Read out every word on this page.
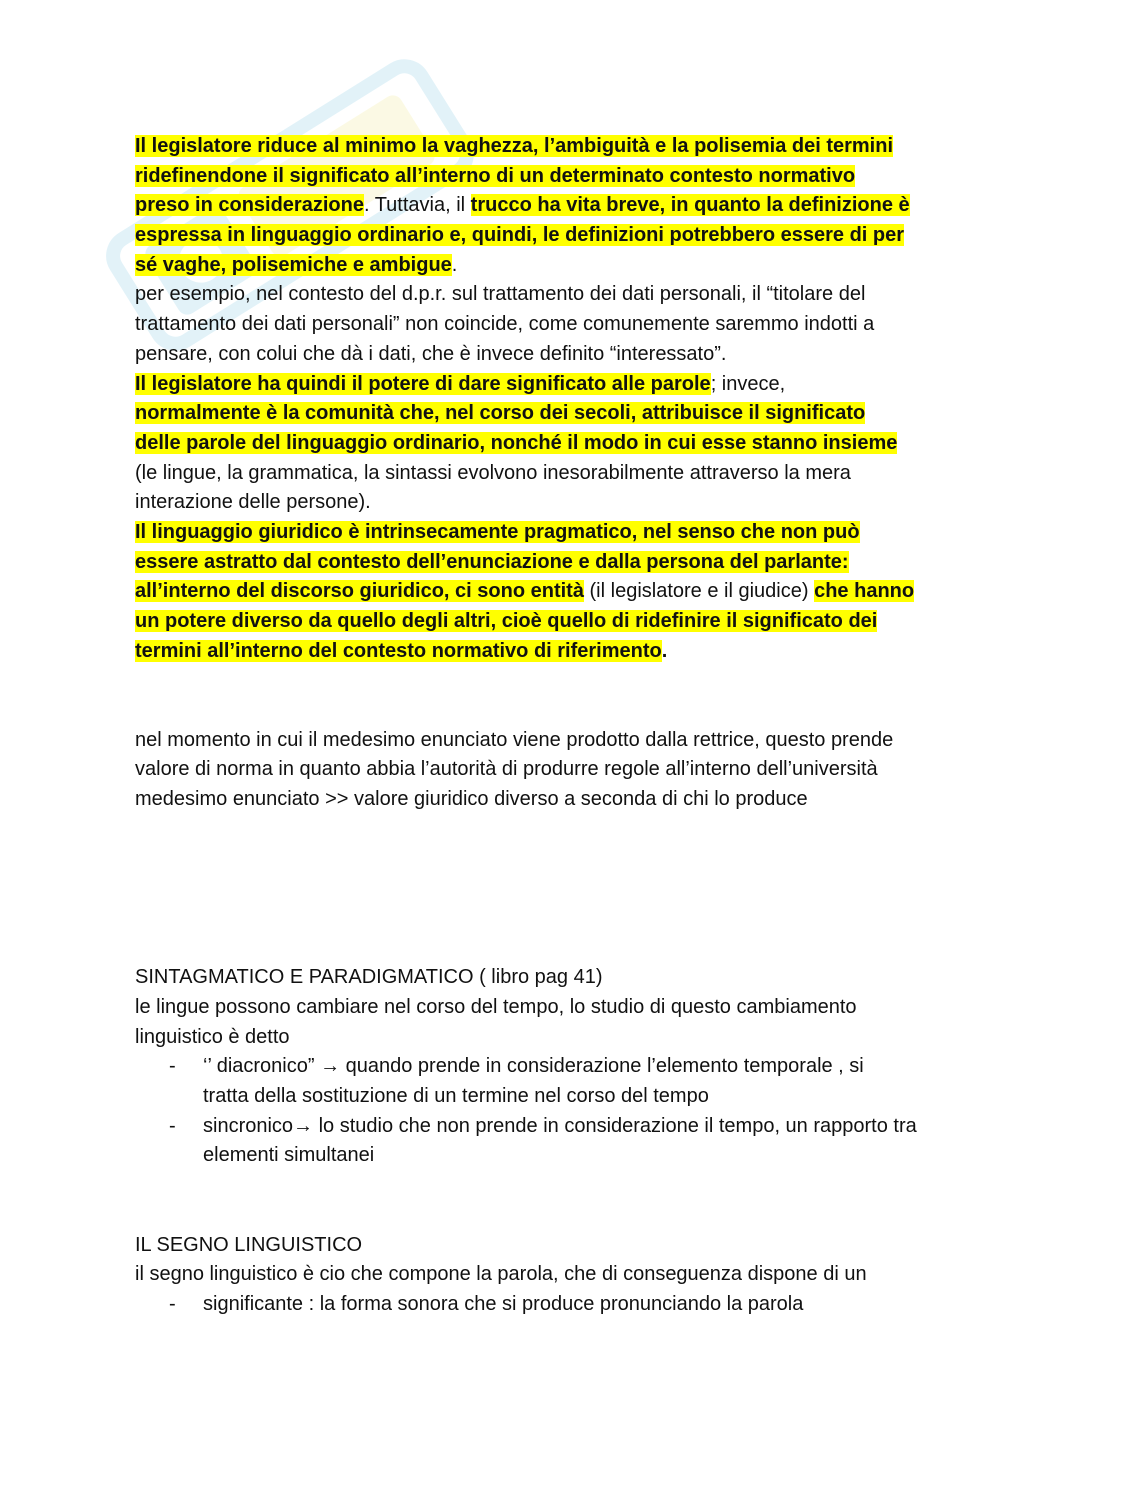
Il legislatore riduce al minimo la vaghezza, l’ambiguità e la polisemia dei termini
ridefinendone il significato all’interno di un determinato contesto normativo
preso in considerazione. Tuttavia, il trucco ha vita breve, in quanto la definizione è
espressa in linguaggio ordinario e, quindi, le definizioni potrebbero essere di per
sé vaghe, polisemiche e ambigue.
per esempio, nel contesto del d.p.r. sul trattamento dei dati personali, il “titolare del
trattamento dei dati personali” non coincide, come comunemente saremmo indotti a
pensare, con colui che dà i dati, che è invece definito “interessato”.
Il legislatore ha quindi il potere di dare significato alle parole; invece,
normalmente è la comunità che, nel corso dei secoli, attribuisce il significato
delle parole del linguaggio ordinario, nonché il modo in cui esse stanno insieme
(le lingue, la grammatica, la sintassi evolvono inesorabilmente attraverso la mera
interazione delle persone).
Il linguaggio giuridico è intrinsecamente pragmatico, nel senso che non può
essere astratto dal contesto dell’enunciazione e dalla persona del parlante:
all’interno del discorso giuridico, ci sono entità (il legislatore e il giudice) che hanno
un potere diverso da quello degli altri, cioè quello di ridefinire il significato dei
termini all’interno del contesto normativo di riferimento.
nel momento in cui il medesimo enunciato viene prodotto dalla rettrice, questo prende
valore di norma in quanto abbia l’autorità di produrre regole all’interno dell’università
medesimo enunciato >> valore giuridico diverso a seconda di chi lo produce
SINTAGMATICO E PARADIGMATICO ( libro pag 41)
le lingue possono cambiare nel corso del tempo, lo studio di questo cambiamento
linguistico è detto
- ‘’ diacronico” → quando prende in considerazione l’elemento temporale , si
tratta della sostituzione di un termine nel corso del tempo
- sincronico→ lo studio che non prende in considerazione il tempo, un rapporto tra
elementi simultanei
IL SEGNO LINGUISTICO
il segno linguistico è cio che compone la parola, che di conseguenza dispone di un
- significante : la forma sonora che si produce pronunciando la parola
